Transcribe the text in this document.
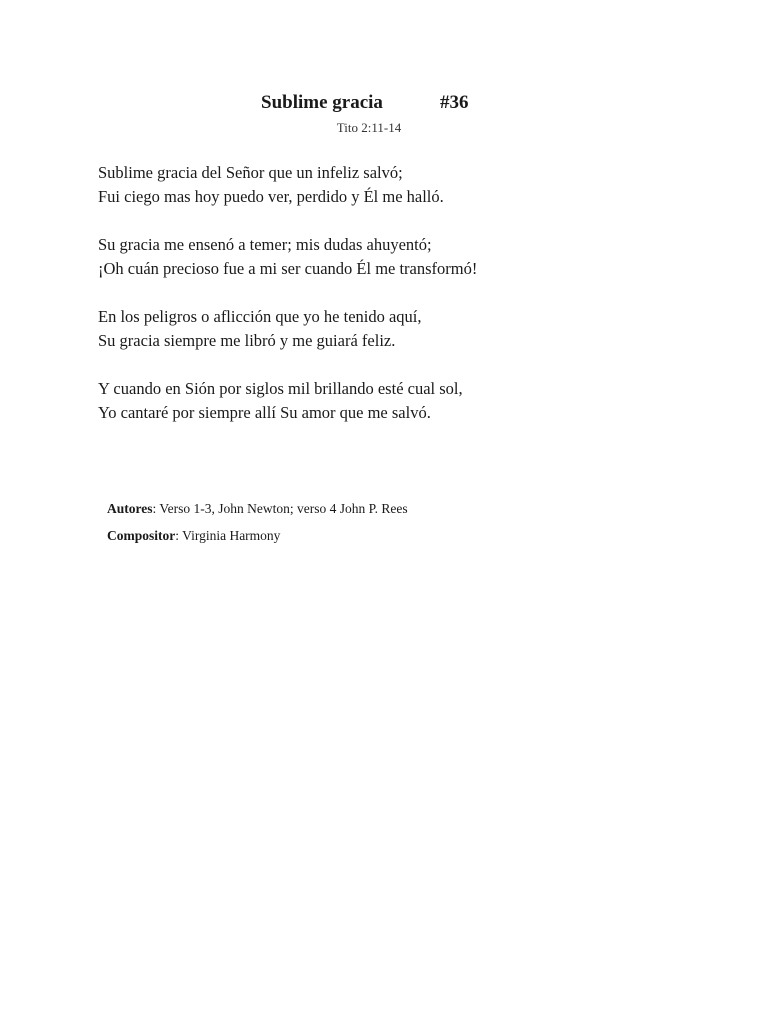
Sublime gracia	#36
Tito 2:11-14
Sublime gracia del Señor que un infeliz salvó;
Fui ciego mas hoy puedo ver, perdido y Él me halló.
Su gracia me ensenó a temer; mis dudas ahuyentó;
¡Oh cuán precioso fue a mi ser cuando Él me transformó!
En los peligros o aflicción que yo he tenido aquí,
Su gracia siempre me libró y me guiará feliz.
Y cuando en Sión por siglos mil brillando esté cual sol,
Yo cantaré por siempre allí Su amor que me salvó.
Autores: Verso 1-3, John Newton; verso 4 John P. Rees
Compositor: Virginia Harmony
